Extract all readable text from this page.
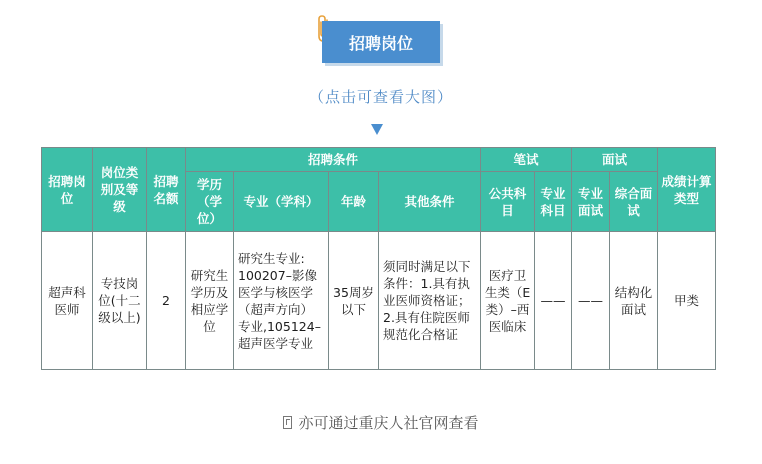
招聘岗位
（点击可查看大图）
招聘岗位	岗位类别及等级	招聘名额	招聘条件				笔试		面试		成绩计算类型
			学历（学位）	专业（学科）	年龄	其他条件	公共科目	专业科目	专业面试	综合面试	
超声科医师	专技岗位(十二级以上)	2	研究生学历及相应学位	研究生专业: 100207–影像医学与核医学（超声方向）专业,105124–超声医学专业	35周岁以下	须同时满足以下条件：1.具有执业医师资格证；2.具有住院医师规范化合格证	医疗卫生类（E类）–西医临床	——	——	结构化面试	甲类
亦可通过重庆人社官网查看
